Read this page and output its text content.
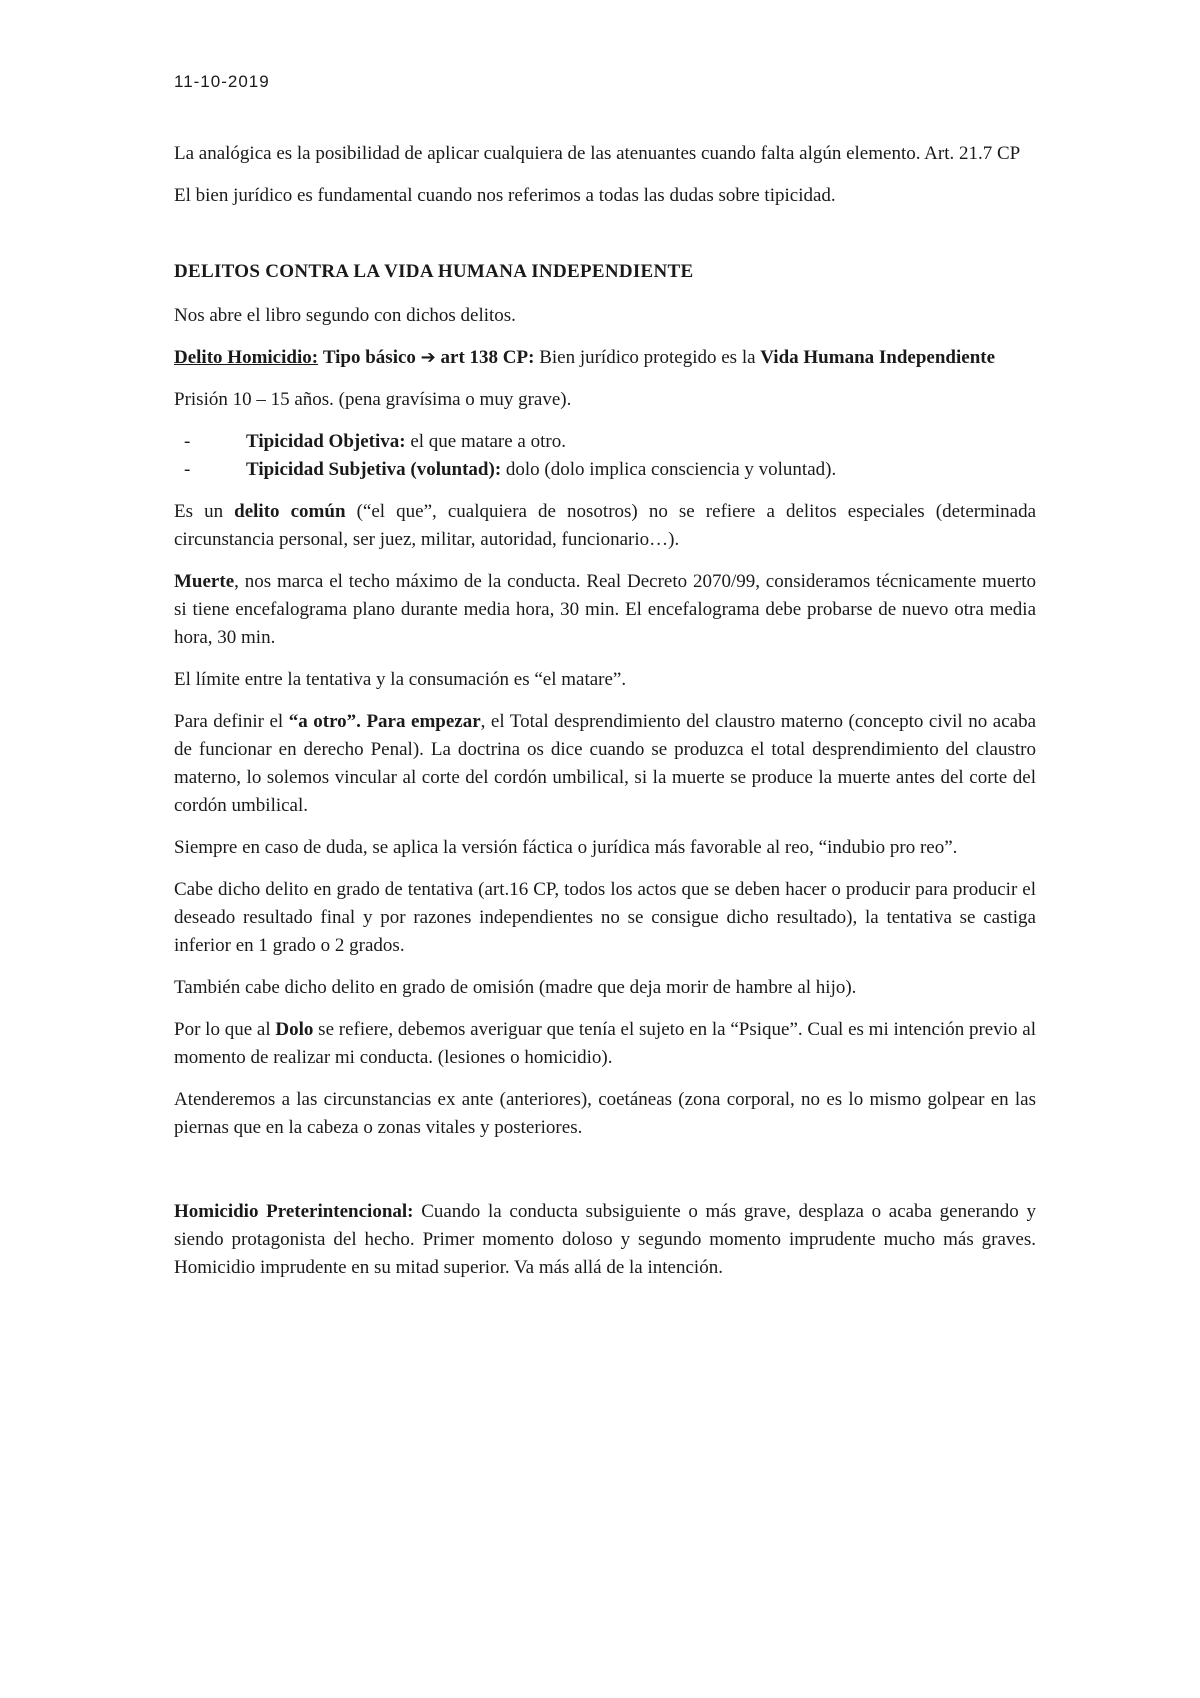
11-10-2019

La analógica es la posibilidad de aplicar cualquiera de las atenuantes cuando falta algún elemento. Art. 21.7 CP

El bien jurídico es fundamental cuando nos referimos a todas las dudas sobre tipicidad.

DELITOS CONTRA LA VIDA HUMANA INDEPENDIENTE

Nos abre el libro segundo con dichos delitos.

Delito Homicidio: Tipo básico ➔ art 138 CP: Bien jurídico protegido es la Vida Humana Independiente

Prisión 10 – 15 años. (pena gravísima o muy grave).

-	Tipicidad Objetiva: el que matare a otro.
-	Tipicidad Subjetiva (voluntad): dolo (dolo implica consciencia y voluntad).

Es un delito común (“el que”, cualquiera de nosotros) no se refiere a delitos especiales (determinada circunstancia personal, ser juez, militar, autoridad, funcionario…).

Muerte, nos marca el techo máximo de la conducta. Real Decreto 2070/99, consideramos técnicamente muerto si tiene encefalograma plano durante media hora, 30 min. El encefalograma debe probarse de nuevo otra media hora, 30 min.

El límite entre la tentativa y la consumación es “el matare”.

Para definir el “a otro”. Para empezar, el Total desprendimiento del claustro materno (concepto civil no acaba de funcionar en derecho Penal). La doctrina os dice cuando se produzca el total desprendimiento del claustro materno, lo solemos vincular al corte del cordón umbilical, si la muerte se produce la muerte antes del corte del cordón umbilical.

Siempre en caso de duda, se aplica la versión fáctica o jurídica más favorable al reo, “indubio pro reo”.

Cabe dicho delito en grado de tentativa (art.16 CP, todos los actos que se deben hacer o producir para producir el deseado resultado final y por razones independientes no se consigue dicho resultado), la tentativa se castiga inferior en 1 grado o 2 grados.

También cabe dicho delito en grado de omisión (madre que deja morir de hambre al hijo).

Por lo que al Dolo se refiere, debemos averiguar que tenía el sujeto en la “Psique”. Cual es mi intención previo al momento de realizar mi conducta. (lesiones o homicidio).

Atenderemos a las circunstancias ex ante (anteriores), coetáneas (zona corporal, no es lo mismo golpear en las piernas que en la cabeza o zonas vitales y posteriores.

Homicidio Preterintencional: Cuando la conducta subsiguiente o más grave, desplaza o acaba generando y siendo protagonista del hecho. Primer momento doloso y segundo momento imprudente mucho más graves. Homicidio imprudente en su mitad superior. Va más allá de la intención.
